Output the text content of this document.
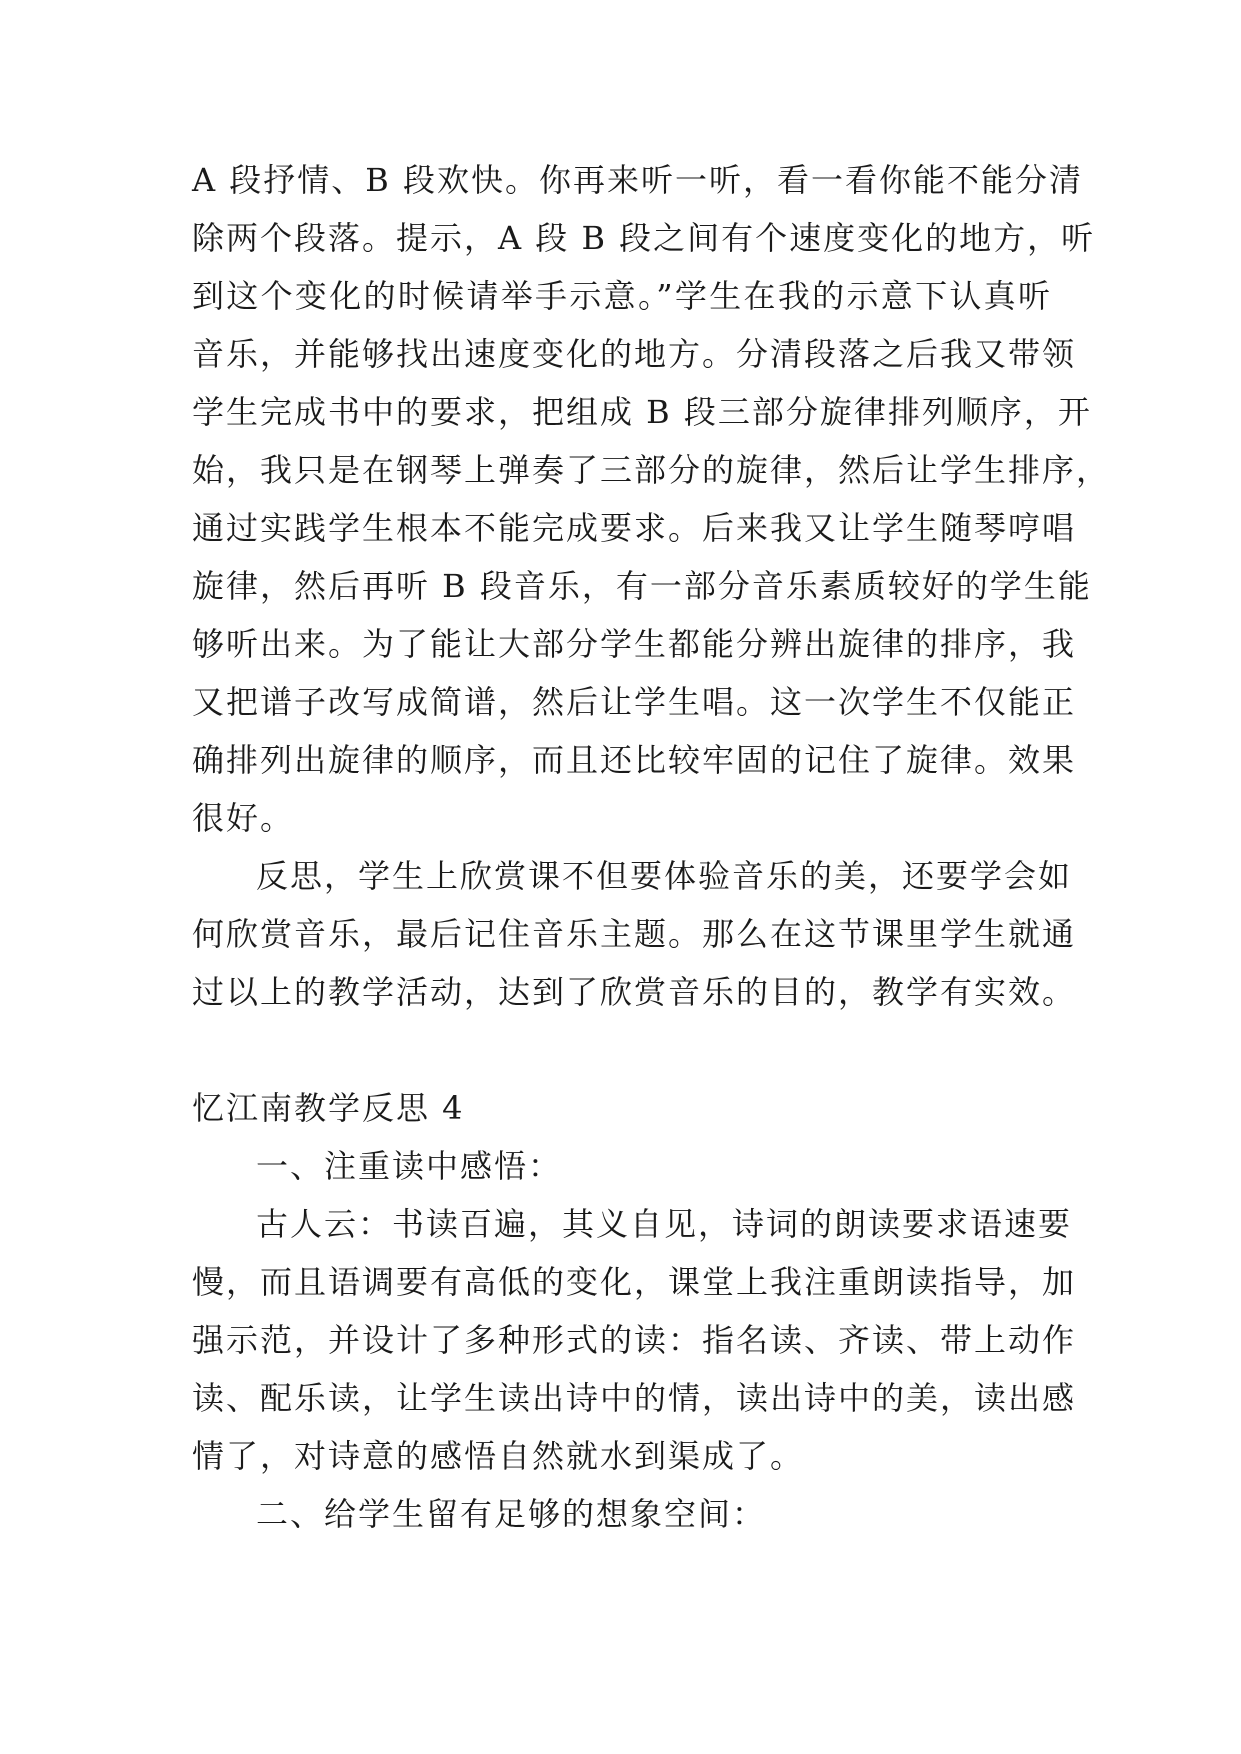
A 段抒情、B 段欢快。你再来听一听，看一看你能不能分清

除两个段落。提示，A 段 B 段之间有个速度变化的地方，听

到这个变化的时候请举手示意。”学生在我的示意下认真听

音乐，并能够找出速度变化的地方。分清段落之后我又带领

学生完成书中的要求，把组成 B 段三部分旋律排列顺序，开

始，我只是在钢琴上弹奏了三部分的旋律，然后让学生排序，

通过实践学生根本不能完成要求。后来我又让学生随琴哼唱

旋律，然后再听 B 段音乐，有一部分音乐素质较好的学生能

够听出来。为了能让大部分学生都能分辨出旋律的排序，我

又把谱子改写成简谱，然后让学生唱。这一次学生不仅能正

确排列出旋律的顺序，而且还比较牢固的记住了旋律。效果

很好。

反思，学生上欣赏课不但要体验音乐的美，还要学会如

何欣赏音乐，最后记住音乐主题。那么在这节课里学生就通

过以上的教学活动，达到了欣赏音乐的目的，教学有实效。

忆江南教学反思 4

一、注重读中感悟：

古人云：书读百遍，其义自见，诗词的朗读要求语速要

慢，而且语调要有高低的变化，课堂上我注重朗读指导，加

强示范，并设计了多种形式的读：指名读、齐读、带上动作

读、配乐读，让学生读出诗中的情，读出诗中的美，读出感

情了，对诗意的感悟自然就水到渠成了。

二、给学生留有足够的想象空间：
